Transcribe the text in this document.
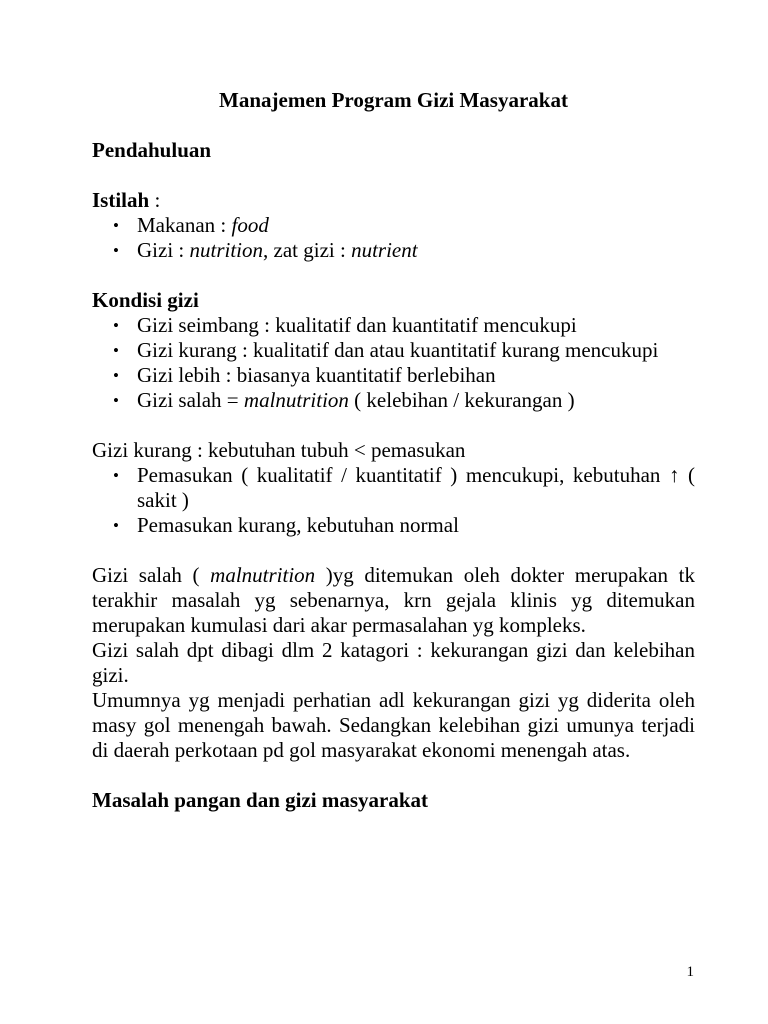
Manajemen Program Gizi Masyarakat

Pendahuluan

Istilah :

• Makanan : food
• Gizi : nutrition, zat gizi : nutrient

Kondisi gizi

• Gizi seimbang : kualitatif dan kuantitatif mencukupi
• Gizi kurang : kualitatif dan atau kuantitatif kurang mencukupi
• Gizi lebih : biasanya kuantitatif berlebihan
• Gizi salah = malnutrition ( kelebihan / kekurangan )

Gizi kurang : kebutuhan tubuh < pemasukan

• Pemasukan ( kualitatif / kuantitatif ) mencukupi, kebutuhan ↑ ( sakit )
• Pemasukan kurang, kebutuhan normal

Gizi salah ( malnutrition )yg ditemukan oleh dokter merupakan tk terakhir masalah yg sebenarnya, krn gejala klinis yg ditemukan merupakan kumulasi dari akar permasalahan yg kompleks.

Gizi salah dpt dibagi dlm 2 katagori : kekurangan gizi dan kelebihan gizi.

Umumnya yg menjadi perhatian adl kekurangan gizi yg diderita oleh masy gol menengah bawah. Sedangkan kelebihan gizi umunya terjadi di daerah perkotaan pd gol masyarakat ekonomi menengah atas.

Masalah pangan dan gizi masyarakat

1
